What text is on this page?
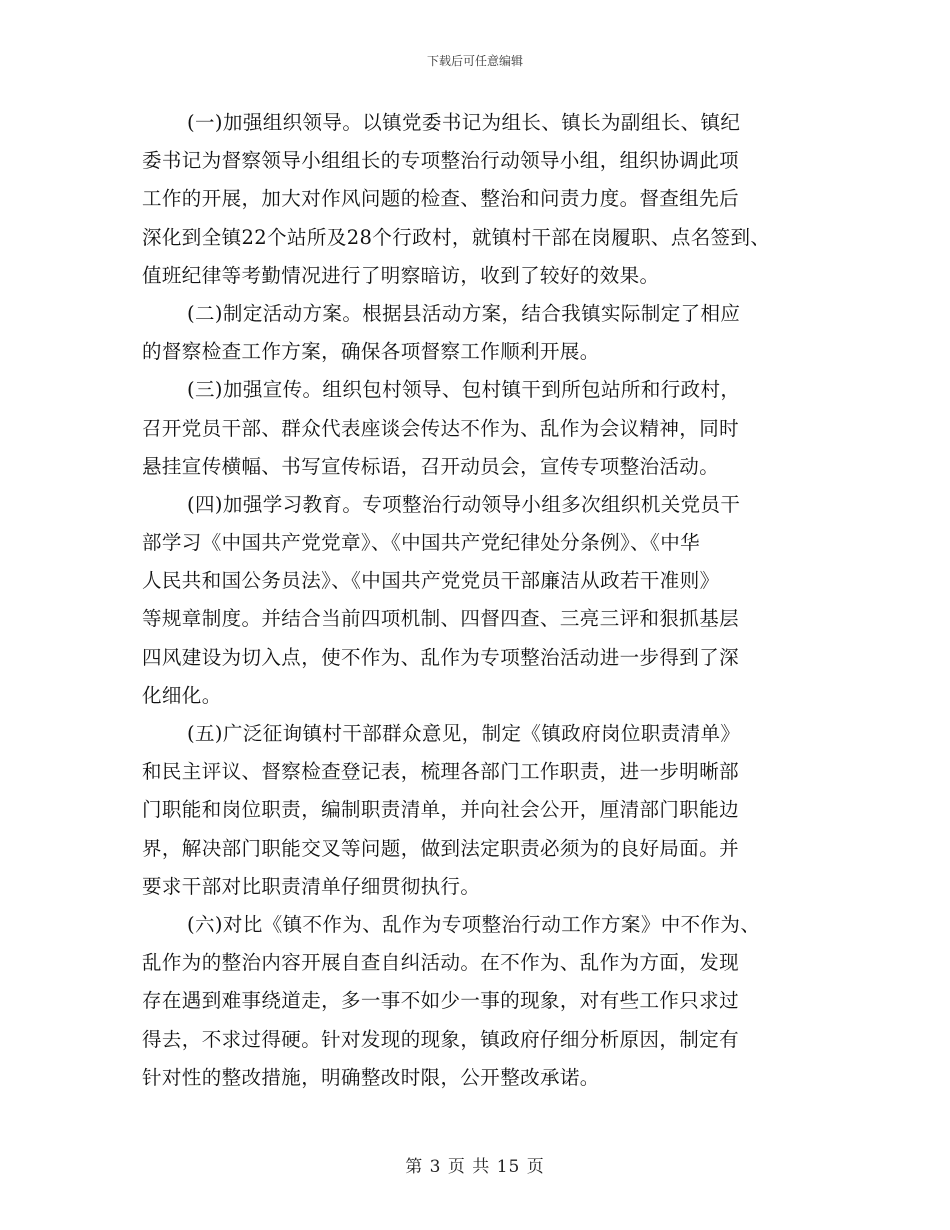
下载后可任意编辑
(一)加强组织领导。以镇党委书记为组长、镇长为副组长、镇纪
委书记为督察领导小组组长的专项整治行动领导小组，组织协调此项
工作的开展，加大对作风问题的检查、整治和问责力度。督查组先后
深化到全镇22个站所及28个行政村，就镇村干部在岗履职、点名签到、
值班纪律等考勤情况进行了明察暗访，收到了较好的效果。
(二)制定活动方案。根据县活动方案，结合我镇实际制定了相应
的督察检查工作方案，确保各项督察工作顺利开展。
(三)加强宣传。组织包村领导、包村镇干到所包站所和行政村，
召开党员干部、群众代表座谈会传达不作为、乱作为会议精神，同时
悬挂宣传横幅、书写宣传标语，召开动员会，宣传专项整治活动。
(四)加强学习教育。专项整治行动领导小组多次组织机关党员干
部学习《中国共产党党章》、《中国共产党纪律处分条例》、《中华
人民共和国公务员法》、《中国共产党党员干部廉洁从政若干准则》
等规章制度。并结合当前四项机制、四督四查、三亮三评和狠抓基层
四风建设为切入点，使不作为、乱作为专项整治活动进一步得到了深
化细化。
(五)广泛征询镇村干部群众意见，制定《镇政府岗位职责清单》
和民主评议、督察检查登记表，梳理各部门工作职责，进一步明晰部
门职能和岗位职责，编制职责清单，并向社会公开，厘清部门职能边
界，解决部门职能交叉等问题，做到法定职责必须为的良好局面。并
要求干部对比职责清单仔细贯彻执行。
(六)对比《镇不作为、乱作为专项整治行动工作方案》中不作为、
乱作为的整治内容开展自查自纠活动。在不作为、乱作为方面，发现
存在遇到难事绕道走，多一事不如少一事的现象，对有些工作只求过
得去，不求过得硬。针对发现的现象，镇政府仔细分析原因，制定有
针对性的整改措施，明确整改时限，公开整改承诺。
第 3 页 共 15 页
